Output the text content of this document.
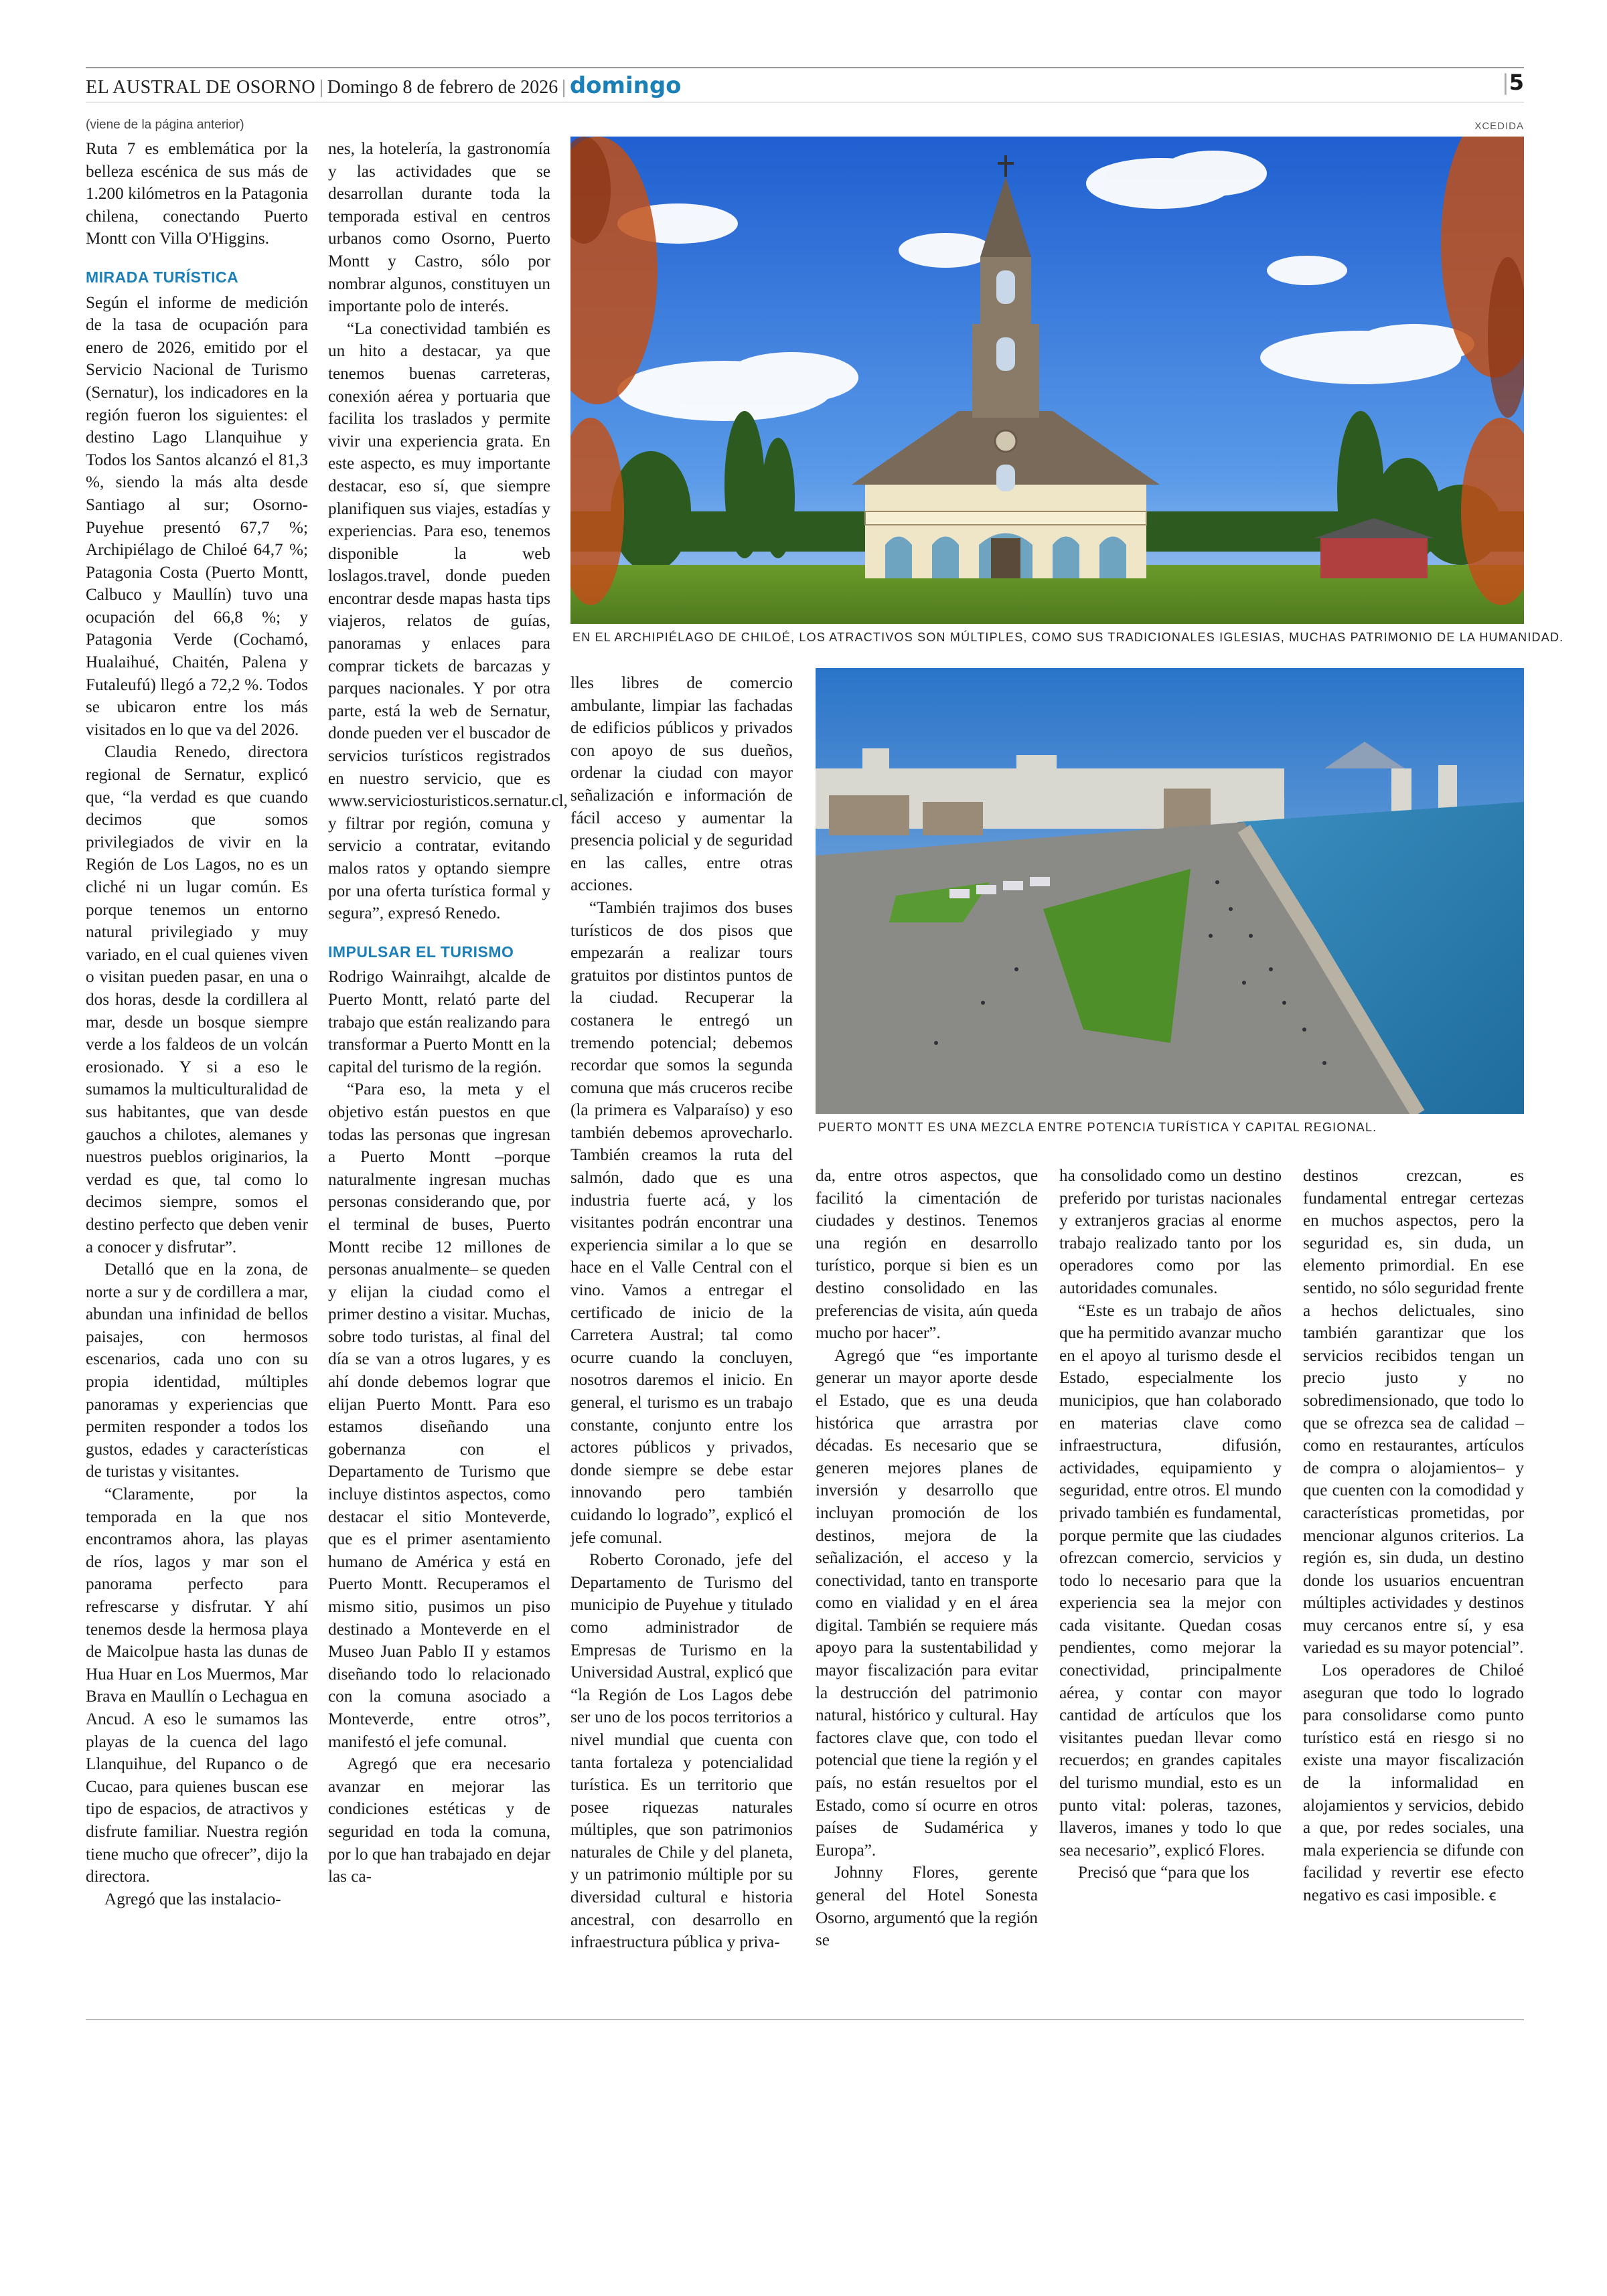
EL AUSTRAL DE OSORNO | Domingo 8 de febrero de 2026 | domingo	|5
(viene de la página anterior)	XCEDIDA

Ruta 7 es emblemática por la belleza escénica de sus más de 1.200 kilómetros en la Patagonia chilena, conectando Puerto Montt con Villa O'Higgins.

MIRADA TURÍSTICA

Según el informe de medición de la tasa de ocupación para enero de 2026, emitido por el Servicio Nacional de Turismo (Sernatur), los indicadores en la región fueron los siguientes: el destino Lago Llanquihue y Todos los Santos alcanzó el 81,3 %, siendo la más alta desde Santiago al sur; Osorno-Puyehue presentó 67,7 %; Archipiélago de Chiloé 64,7 %; Patagonia Costa (Puerto Montt, Calbuco y Maullín) tuvo una ocupación del 66,8 %; y Patagonia Verde (Cochamó, Hualaihué, Chaitén, Palena y Futaleufú) llegó a 72,2 %. Todos se ubicaron entre los más visitados en lo que va del 2026.

Claudia Renedo, directora regional de Sernatur, explicó que, “la verdad es que cuando decimos que somos privilegiados de vivir en la Región de Los Lagos, no es un cliché ni un lugar común. Es porque tenemos un entorno natural privilegiado y muy variado, en el cual quienes viven o visitan pueden pasar, en una o dos horas, desde la cordillera al mar, desde un bosque siempre verde a los faldeos de un volcán erosionado. Y si a eso le sumamos la multiculturalidad de sus habitantes, que van desde gauchos a chilotes, alemanes y nuestros pueblos originarios, la verdad es que, tal como lo decimos siempre, somos el destino perfecto que deben venir a conocer y disfrutar”.

Detalló que en la zona, de norte a sur y de cordillera a mar, abundan una infinidad de bellos paisajes, con hermosos escenarios, cada uno con su propia identidad, múltiples panoramas y experiencias que permiten responder a todos los gustos, edades y características de turistas y visitantes.

“Claramente, por la temporada en la que nos encontramos ahora, las playas de ríos, lagos y mar son el panorama perfecto para refrescarse y disfrutar. Y ahí tenemos desde la hermosa playa de Maicolpue hasta las dunas de Hua Huar en Los Muermos, Mar Brava en Maullín o Lechagua en Ancud. A eso le sumamos las playas de la cuenca del lago Llanquihue, del Rupanco o de Cucao, para quienes buscan ese tipo de espacios, de atractivos y disfrute familiar. Nuestra región tiene mucho que ofrecer”, dijo la directora.

Agregó que las instalacio-

nes, la hotelería, la gastronomía y las actividades que se desarrollan durante toda la temporada estival en centros urbanos como Osorno, Puerto Montt y Castro, sólo por nombrar algunos, constituyen un importante polo de interés.

“La conectividad también es un hito a destacar, ya que tenemos buenas carreteras, conexión aérea y portuaria que facilita los traslados y permite vivir una experiencia grata. En este aspecto, es muy importante destacar, eso sí, que siempre planifiquen sus viajes, estadías y experiencias. Para eso, tenemos disponible la web loslagos.travel, donde pueden encontrar desde mapas hasta tips viajeros, relatos de guías, panoramas y enlaces para comprar tickets de barcazas y parques nacionales. Y por otra parte, está la web de Sernatur, donde pueden ver el buscador de servicios turísticos registrados en nuestro servicio, que es www.serviciosturisticos.sernatur.cl, y filtrar por región, comuna y servicio a contratar, evitando malos ratos y optando siempre por una oferta turística formal y segura”, expresó Renedo.

IMPULSAR EL TURISMO

Rodrigo Wainraihgt, alcalde de Puerto Montt, relató parte del trabajo que están realizando para transformar a Puerto Montt en la capital del turismo de la región.

“Para eso, la meta y el objetivo están puestos en que todas las personas que ingresan a Puerto Montt –porque naturalmente ingresan muchas personas considerando que, por el terminal de buses, Puerto Montt recibe 12 millones de personas anualmente– se queden y elijan la ciudad como el primer destino a visitar. Muchas, sobre todo turistas, al final del día se van a otros lugares, y es ahí donde debemos lograr que elijan Puerto Montt. Para eso estamos diseñando una gobernanza con el Departamento de Turismo que incluye distintos aspectos, como destacar el sitio Monteverde, que es el primer asentamiento humano de América y está en Puerto Montt. Recuperamos el mismo sitio, pusimos un piso destinado a Monteverde en el Museo Juan Pablo II y estamos diseñando todo lo relacionado con la comuna asociado a Monteverde, entre otros”, manifestó el jefe comunal.

Agregó que era necesario avanzar en mejorar las condiciones estéticas y de seguridad en toda la comuna, por lo que han trabajado en dejar las ca-

EN EL ARCHIPIÉLAGO DE CHILOÉ, LOS ATRACTIVOS SON MÚLTIPLES, COMO SUS TRADICIONALES IGLESIAS, MUCHAS PATRIMONIO DE LA HUMANIDAD.

lles libres de comercio ambulante, limpiar las fachadas de edificios públicos y privados con apoyo de sus dueños, ordenar la ciudad con mayor señalización e información de fácil acceso y aumentar la presencia policial y de seguridad en las calles, entre otras acciones.

“También trajimos dos buses turísticos de dos pisos que empezarán a realizar tours gratuitos por distintos puntos de la ciudad. Recuperar la costanera le entregó un tremendo potencial; debemos recordar que somos la segunda comuna que más cruceros recibe (la primera es Valparaíso) y eso también debemos aprovecharlo. También creamos la ruta del salmón, dado que es una industria fuerte acá, y los visitantes podrán encontrar una experiencia similar a lo que se hace en el Valle Central con el vino. Vamos a entregar el certificado de inicio de la Carretera Austral; tal como ocurre cuando la concluyen, nosotros daremos el inicio. En general, el turismo es un trabajo constante, conjunto entre los actores públicos y privados, donde siempre se debe estar innovando pero también cuidando lo logrado”, explicó el jefe comunal.

Roberto Coronado, jefe del Departamento de Turismo del municipio de Puyehue y titulado como administrador de Empresas de Turismo en la Universidad Austral, explicó que “la Región de Los Lagos debe ser uno de los pocos territorios a nivel mundial que cuenta con tanta fortaleza y potencialidad turística. Es un territorio que posee riquezas naturales múltiples, que son patrimonios naturales de Chile y del planeta, y un patrimonio múltiple por su diversidad cultural e historia ancestral, con desarrollo en infraestructura pública y priva-

PUERTO MONTT ES UNA MEZCLA ENTRE POTENCIA TURÍSTICA Y CAPITAL REGIONAL.

da, entre otros aspectos, que facilitó la cimentación de ciudades y destinos. Tenemos una región en desarrollo turístico, porque si bien es un destino consolidado en las preferencias de visita, aún queda mucho por hacer”.

Agregó que “es importante generar un mayor aporte desde el Estado, que es una deuda histórica que arrastra por décadas. Es necesario que se generen mejores planes de inversión y desarrollo que incluyan promoción de los destinos, mejora de la señalización, el acceso y la conectividad, tanto en transporte como en vialidad y en el área digital. También se requiere más apoyo para la sustentabilidad y mayor fiscalización para evitar la destrucción del patrimonio natural, histórico y cultural. Hay factores clave que, con todo el potencial que tiene la región y el país, no están resueltos por el Estado, como sí ocurre en otros países de Sudamérica y Europa”.

Johnny Flores, gerente general del Hotel Sonesta Osorno, argumentó que la región se

ha consolidado como un destino preferido por turistas nacionales y extranjeros gracias al enorme trabajo realizado tanto por los operadores como por las autoridades comunales.

“Este es un trabajo de años que ha permitido avanzar mucho en el apoyo al turismo desde el Estado, especialmente los municipios, que han colaborado en materias clave como infraestructura, difusión, actividades, equipamiento y seguridad, entre otros. El mundo privado también es fundamental, porque permite que las ciudades ofrezcan comercio, servicios y todo lo necesario para que la experiencia sea la mejor con cada visitante. Quedan cosas pendientes, como mejorar la conectividad, principalmente aérea, y contar con mayor cantidad de artículos que los visitantes puedan llevar como recuerdos; en grandes capitales del turismo mundial, esto es un punto vital: poleras, tazones, llaveros, imanes y todo lo que sea necesario”, explicó Flores.

Precisó que “para que los

destinos crezcan, es fundamental entregar certezas en muchos aspectos, pero la seguridad es, sin duda, un elemento primordial. En ese sentido, no sólo seguridad frente a hechos delictuales, sino también garantizar que los servicios recibidos tengan un precio justo y no sobredimensionado, que todo lo que se ofrezca sea de calidad –como en restaurantes, artículos de compra o alojamientos– y que cuenten con la comodidad y características prometidas, por mencionar algunos criterios. La región es, sin duda, un destino donde los usuarios encuentran múltiples actividades y destinos muy cercanos entre sí, y esa variedad es su mayor potencial”.

Los operadores de Chiloé aseguran que todo lo logrado para consolidarse como punto turístico está en riesgo si no existe una mayor fiscalización de la informalidad en alojamientos y servicios, debido a que, por redes sociales, una mala experiencia se difunde con facilidad y revertir ese efecto negativo es casi imposible. ꞓ
